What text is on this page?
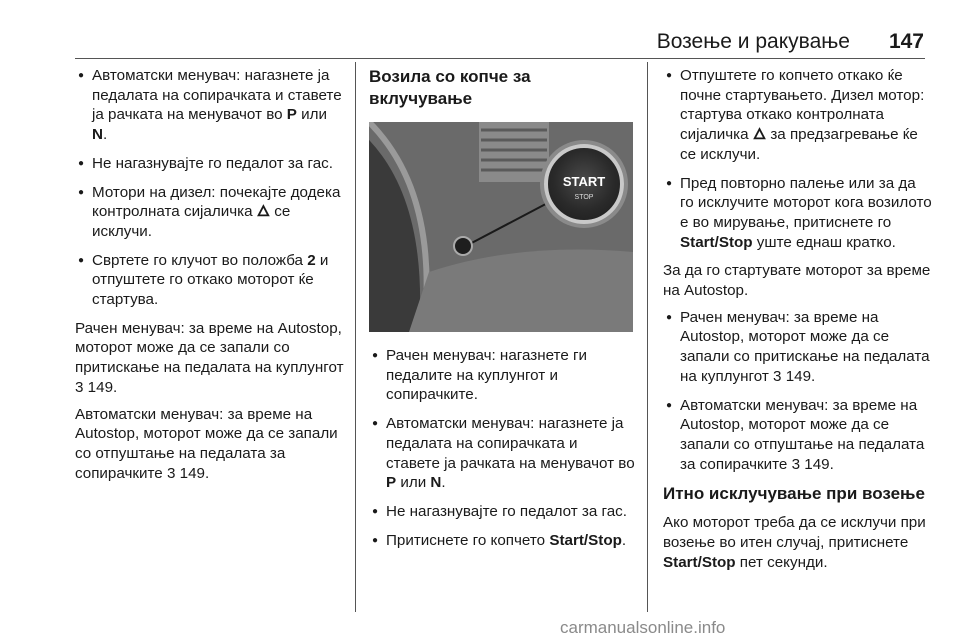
Возење и ракување 147
● Автоматски менувач: нагазнете ја педалата на сопирачката и ставете ја рачката на менувачот во P или N.
● Не нагазнувајте го педалот за гас.
● Мотори на дизел: почекајте додека контролната сијаличка 🜂 се исклучи.
● Свртете го клучот во положба 2 и отпуштете го откако моторот ќе стартува.

Рачен менувач: за време на Autostop, моторот може да се запали со притискање на педалата на куплунгот 3 149.

Автоматски менувач: за време на Autostop, моторот може да се запали со отпуштање на педалата за сопирачките 3 149.

Возила со копче за вклучување
START
STOP
● Рачен менувач: нагазнете ги педалите на куплунгот и сопирачките.
● Автоматски менувач: нагазнете ја педалата на сопирачката и ставете ја рачката на менувачот во P или N.
● Не нагазнувајте го педалот за гас.
● Притиснете го копчето Start/Stop.
● Отпуштете го копчето откако ќе почне стартувањето. Дизел мотор: стартува откако контролната сијаличка 🜂 за предзагревање ќе се исклучи.
● Пред повторно палење или за да го исклучите моторот кога возилото е во мирување, притиснете го Start/Stop уште еднаш кратко.

За да го стартувате моторот за време на Autostop.

● Рачен менувач: за време на Autostop, моторот може да се запали со притискање на педалата на куплунгот 3 149.
● Автоматски менувач: за време на Autostop, моторот може да се запали со отпуштање на педалата за сопирачките 3 149.
Итно исклучување при возење

Ако моторот треба да се исклучи при возење во итен случај, притиснете Start/Stop пет секунди.

carmanualsonline.info
